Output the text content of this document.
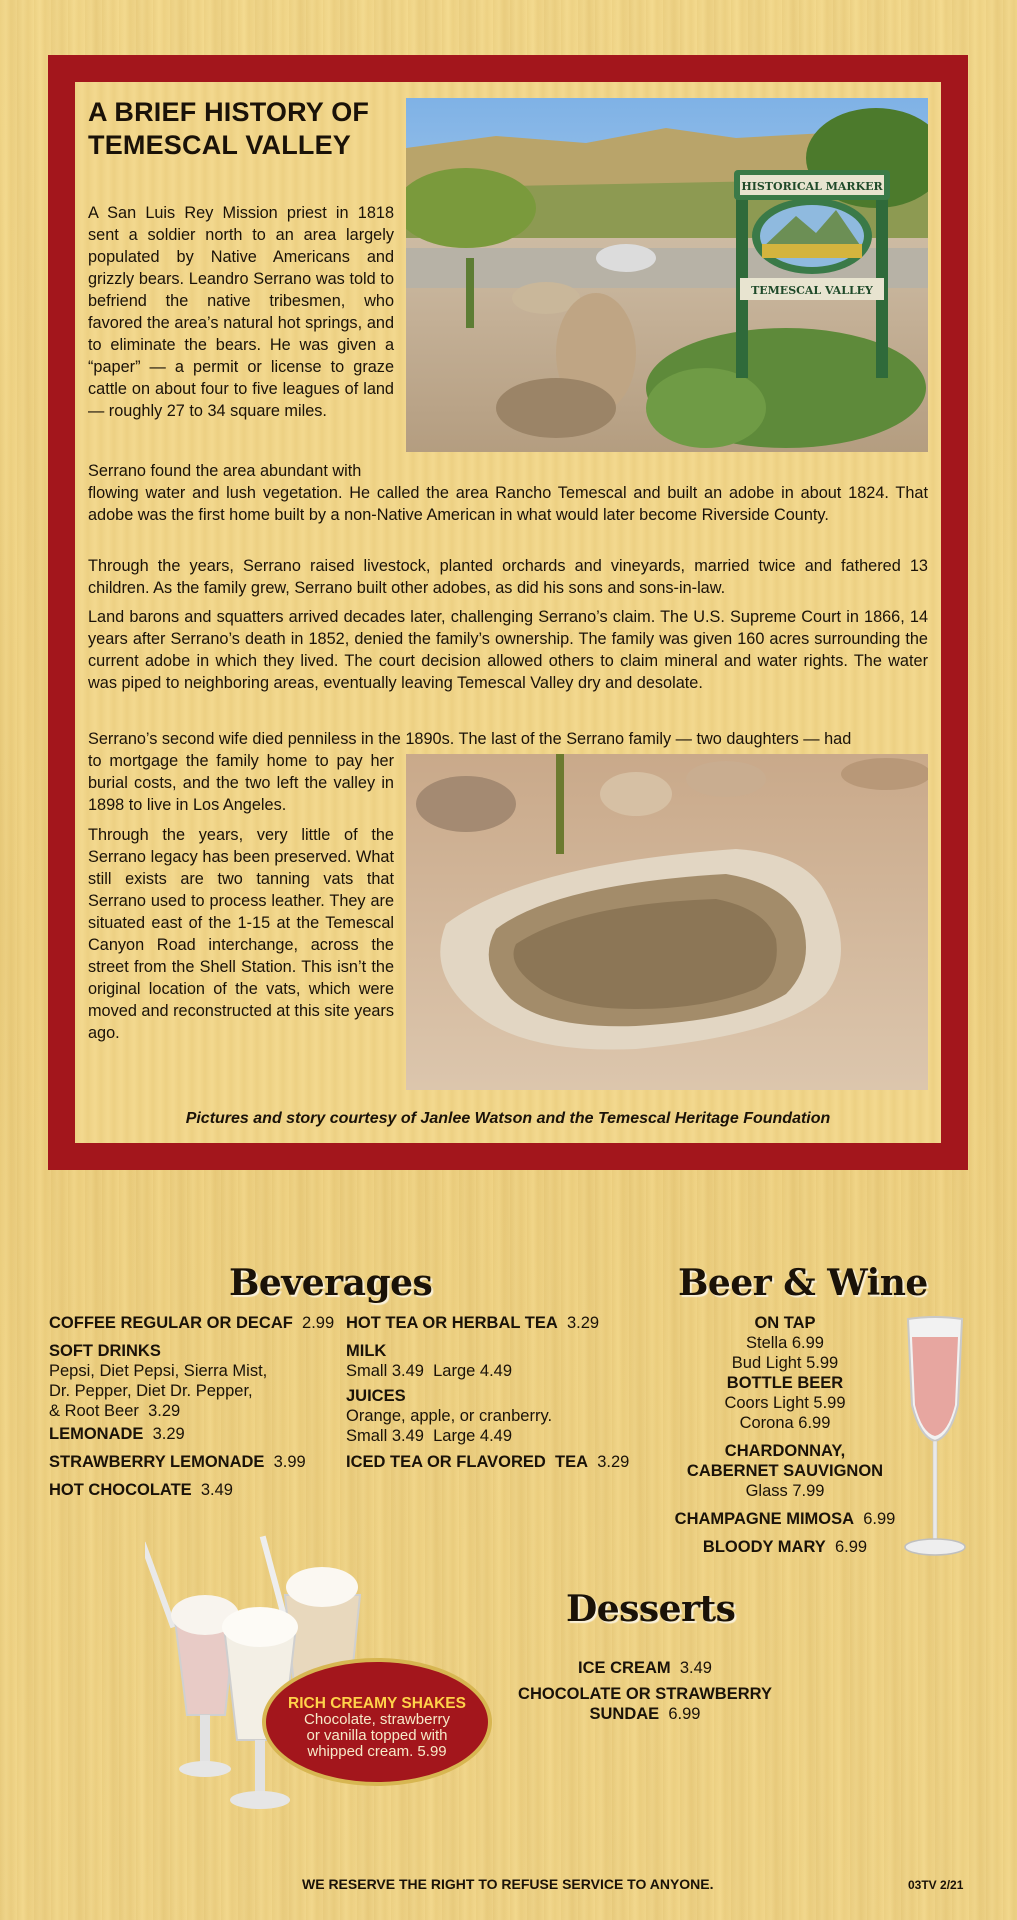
A BRIEF HISTORY OF
TEMESCAL VALLEY
HISTORICAL MARKER
TEMESCAL VALLEY

A San Luis Rey Mission priest in 1818 sent a soldier north to an area largely populated by Native Americans and grizzly bears. Leandro Serrano was told to befriend the native tribesmen, who favored the area’s natural hot springs, and to eliminate the bears. He was given a “paper” — a permit or license to graze cattle on about four to five leagues of land — roughly 27 to 34 square miles.

Serrano found the area abundant with

flowing water and lush vegetation. He called the area Rancho Temescal and built an adobe in about 1824. That adobe was the first home built by a non-Native American in what would later become Riverside County.

Through the years, Serrano raised livestock, planted orchards and vineyards, married twice and fathered 13 children. As the family grew, Serrano built other adobes, as did his sons and sons-in-law.

Land barons and squatters arrived decades later, challenging Serrano’s claim. The U.S. Supreme Court in 1866, 14 years after Serrano’s death in 1852, denied the family’s ownership. The family was given 160 acres surrounding the current adobe in which they lived. The court decision allowed others to claim mineral and water rights. The water was piped to neighboring areas, eventually leaving Temescal Valley dry and desolate.

Serrano’s second wife died penniless in the 1890s. The last of the Serrano family — two daughters — had

to mortgage the family home to pay her burial costs, and the two left the valley in 1898 to live in Los Angeles.

Through the years, very little of the Serrano legacy has been preserved. What still exists are two tanning vats that Serrano used to process leather. They are situated east of the 1-15 at the Temescal Canyon Road interchange, across the street from the Shell Station. This isn’t the original location of the vats, which were moved and reconstructed at this site years ago.

Pictures and story courtesy of Janlee Watson and the Temescal Heritage Foundation

Beverages

COFFEE REGULAR OR DECAF 2.99

SOFT DRINKS
Pepsi, Diet Pepsi, Sierra Mist,
Dr. Pepper, Diet Dr. Pepper,
& Root Beer 3.29

LEMONADE 3.29

STRAWBERRY LEMONADE 3.99

HOT CHOCOLATE 3.49

HOT TEA OR HERBAL TEA 3.29

MILK
Small 3.49  Large 4.49

JUICES
Orange, apple, or cranberry.
Small 3.49  Large 4.49

ICED TEA OR FLAVORED  TEA 3.29

Beer & Wine
ON TAP
Stella 6.99
Bud Light 5.99
BOTTLE BEER
Coors Light 5.99
Corona 6.99

CHARDONNAY,
CABERNET SAUVIGNON
Glass 7.99

CHAMPAGNE MIMOSA 6.99

BLOODY MARY 6.99
RICH CREAMY SHAKES
Chocolate, strawberry
or vanilla topped with
whipped cream. 5.99
Desserts
ICE CREAM 3.49

CHOCOLATE OR STRAWBERRY
SUNDAE 6.99

WE RESERVE THE RIGHT TO REFUSE SERVICE TO ANYONE.	03TV 2/21
